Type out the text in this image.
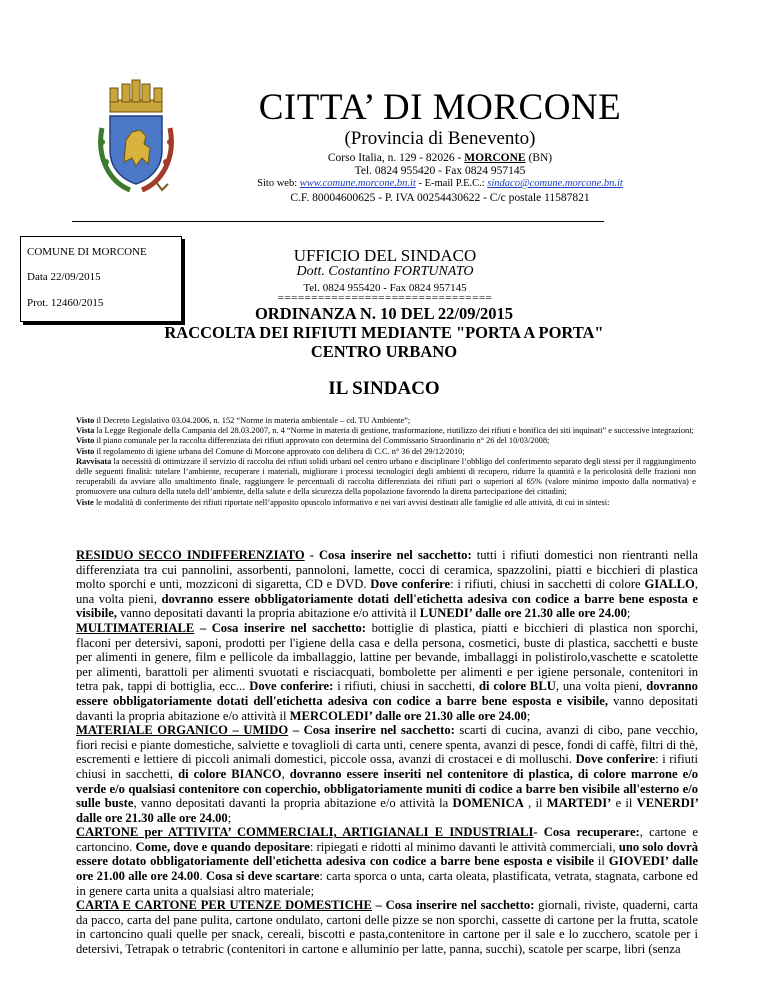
CITTA’ DI MORCONE
(Provincia di Benevento)
Corso Italia, n. 129 - 82026 - MORCONE (BN)
Tel. 0824 955420 - Fax 0824 957145
Sito web: www.comune.morcone.bn.it - E-mail P.E.C.: sindaco@comune.morcone.bn.it
C.F. 80004600625 - P. IVA 00254430622 - C/c postale 11587821
COMUNE DI MORCONE
Data 22/09/2015
Prot. 12460/2015
UFFICIO DEL SINDACO
Dott. Costantino FORTUNATO
Tel. 0824 955420 - Fax 0824 957145
================================
ORDINANZA N. 10 DEL 22/09/2015
RACCOLTA DEI RIFIUTI MEDIANTE "PORTA A PORTA"
CENTRO URBANO
IL SINDACO
Visto il Decreto Legislativo 03.04.2006, n. 152 “Norme in materia ambientale – cd. TU Ambiente”;
Vista la Legge Regionale della Campania del 28.03.2007, n. 4 “Norme in materia di gestione, trasformazione, riutilizzo dei rifiuti e bonifica dei siti inquinati” e successive integrazioni;
Visto il piano comunale per la raccolta differenziata dei rifiuti approvato con determina del Commissario Straordinario n° 26 del 10/03/2008;
Visto il regolamento di igiene urbana del Comune di Morcone approvato con delibera di C.C. n° 36 del 29/12/2010;
Ravvisata la necessità di ottimizzare il servizio di raccolta dei rifiuti solidi urbani nel centro urbano e disciplinare l’obbligo del conferimento separato degli stessi per il raggiungimento delle seguenti finalità: tutelare l’ambiente, recuperare i materiali, migliorare i processi tecnologici degli ambienti di recupero, ridurre la quantità e la pericolosità delle frazioni non recuperabili da avviare allo smaltimento finale, raggiungere le percentuali di raccolta differenziata dei rifiuti pari o superiori al 65% (valore minimo imposto dalla normativa) e promuovere una cultura della tutela dell’ambiente, della salute e della sicurezza della popolazione favorendo la diretta partecipazione dei cittadini;
Viste le modalità di conferimento dei rifiuti riportate nell’apposito opuscolo informativo e nei vari avvisi destinati alle famiglie ed alle attività, di cui in sintesi:

RESIDUO SECCO INDIFFERENZIATO - Cosa inserire nel sacchetto: tutti i rifiuti domestici non rientranti nella differenziata tra cui pannolini, assorbenti, pannoloni, lamette, cocci di ceramica, spazzolini, piatti e bicchieri di plastica molto sporchi e unti, mozziconi di sigaretta, CD e DVD. Dove conferire: i rifiuti, chiusi in sacchetti di colore GIALLO, una volta pieni, dovranno essere obbligatoriamente dotati dell'etichetta adesiva con codice a barre bene esposta e visibile, vanno depositati davanti la propria abitazione e/o attività il LUNEDI’ dalle ore 21.30 alle ore 24.00;

MULTIMATERIALE – Cosa inserire nel sacchetto: bottiglie di plastica, piatti e bicchieri di plastica non sporchi, flaconi per detersivi, saponi, prodotti per l'igiene della casa e della persona, cosmetici, buste di plastica, sacchetti e buste per alimenti in genere, film e pellicole da imballaggio, lattine per bevande, imballaggi in polistirolo,vaschette e scatolette per alimenti, barattoli per alimenti svuotati e risciacquati, bombolette per alimenti e per igiene personale, contenitori in tetra pak, tappi di bottiglia, ecc... Dove conferire: i rifiuti, chiusi in sacchetti, di colore BLU, una volta pieni, dovranno essere obbligatoriamente dotati dell'etichetta adesiva con codice a barre bene esposta e visibile, vanno depositati davanti la propria abitazione e/o attività il MERCOLEDI’ dalle ore 21.30 alle ore 24.00;

MATERIALE ORGANICO – UMIDO – Cosa inserire nel sacchetto: scarti di cucina, avanzi di cibo, pane vecchio, fiori recisi e piante domestiche, salviette e tovaglioli di carta unti, cenere spenta, avanzi di pesce, fondi di caffè, filtri di thè, escrementi e lettiere di piccoli animali domestici, piccole ossa, avanzi di crostacei e di molluschi. Dove conferire: i rifiuti chiusi in sacchetti, di colore BIANCO, dovranno essere inseriti nel contenitore di plastica, di colore marrone e/o verde e/o qualsiasi contenitore con coperchio, obbligatoriamente muniti di codice a barre ben visibile all'esterno e/o sulle buste, vanno depositati davanti la propria abitazione e/o attività la DOMENICA , il MARTEDI’ e il VENERDI’ dalle ore 21.30 alle ore 24.00;

CARTONE per ATTIVITA’ COMMERCIALI, ARTIGIANALI E INDUSTRIALI- Cosa recuperare:, cartone e cartoncino. Come, dove e quando depositare: ripiegati e ridotti al minimo davanti le attività commerciali, uno solo dovrà essere dotato obbligatoriamente dell'etichetta adesiva con codice a barre bene esposta e visibile il GIOVEDI’ dalle ore 21.00 alle ore 24.00. Cosa si deve scartare: carta sporca o unta, carta oleata, plastificata, vetrata, stagnata, carbone ed in genere carta unita a qualsiasi altro materiale;

CARTA E CARTONE PER UTENZE DOMESTICHE – Cosa inserire nel sacchetto: giornali, riviste, quaderni, carta da pacco, carta del pane pulita, cartone ondulato, cartoni delle pizze se non sporchi, cassette di cartone per la frutta, scatole in cartoncino quali quelle per snack, cereali, biscotti e pasta,contenitore in cartone per il sale e lo zucchero, scatole per i detersivi, Tetrapak o tetrabric (contenitori in cartone e alluminio per latte, panna, succhi), scatole per scarpe, libri (senza
